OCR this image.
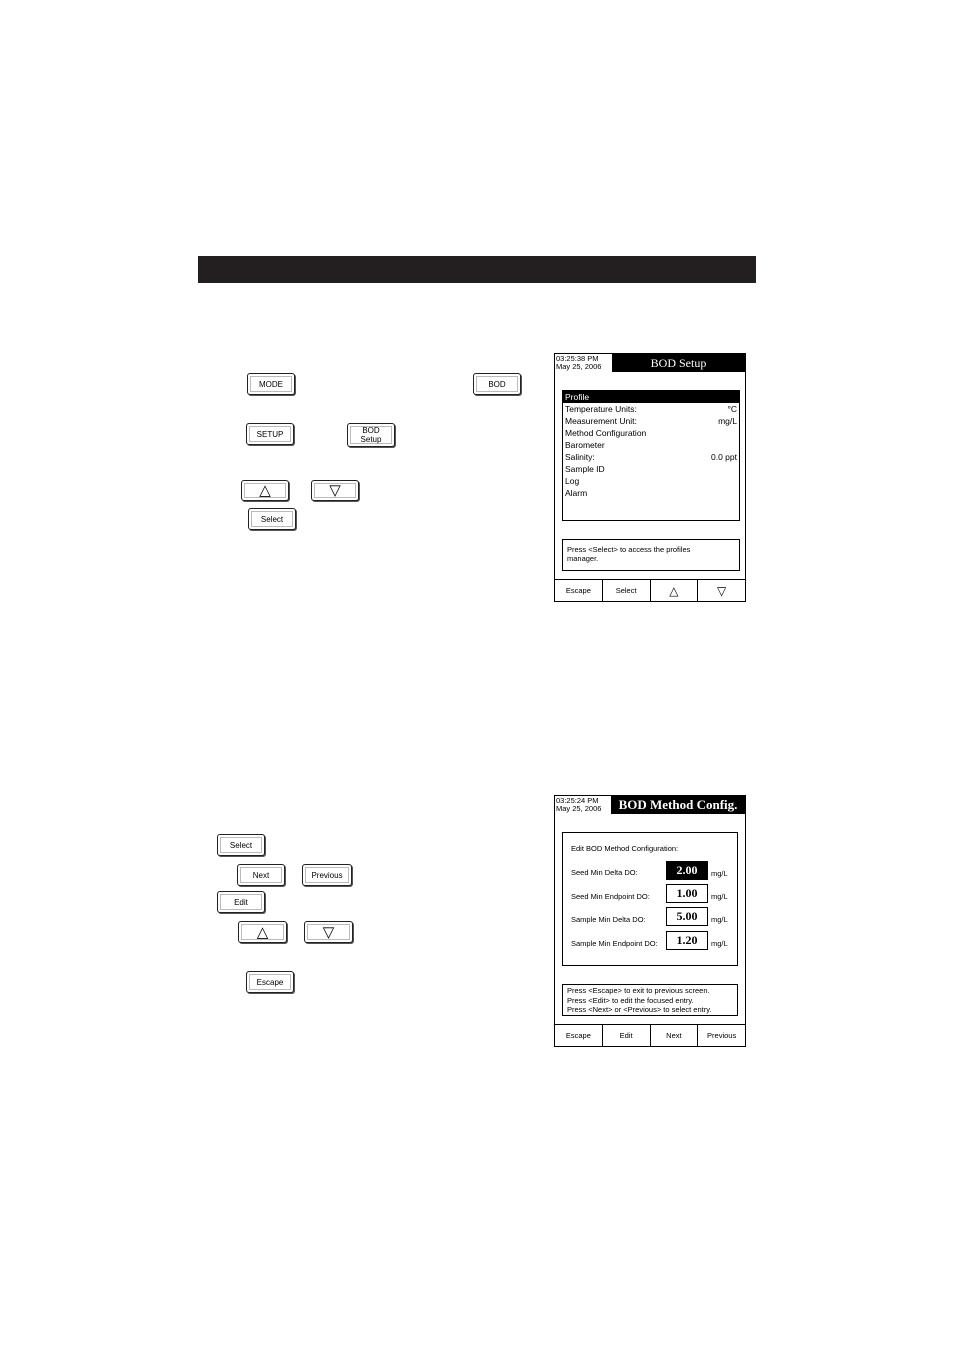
MODE	BOD
SETUP	BOD
Setup
△	▽
Select
03:25:38 PM
May 25, 2006	BOD Setup
Profile
Temperature Units:	°C
Measurement Unit:	mg/L
Method Configuration
Barometer
Salinity:	0.0 ppt
Sample ID
Log
Alarm
Press <Select> to access the profiles
manager.
Escape	Select	△	▽
Select
Next	Previous
Edit
△	▽
Escape
03:25:24 PM
May 25, 2006	BOD Method Config.
Edit BOD Method Configuration:
Seed Min Delta DO:	2.00	mg/L
Seed Min Endpoint DO:	1.00	mg/L
Sample Min Delta DO:	5.00	mg/L
Sample Min Endpoint DO:	1.20	mg/L
Press <Escape> to exit to previous screen.
Press <Edit> to edit the focused entry.
Press <Next> or <Previous> to select entry.
Escape	Edit	Next	Previous
